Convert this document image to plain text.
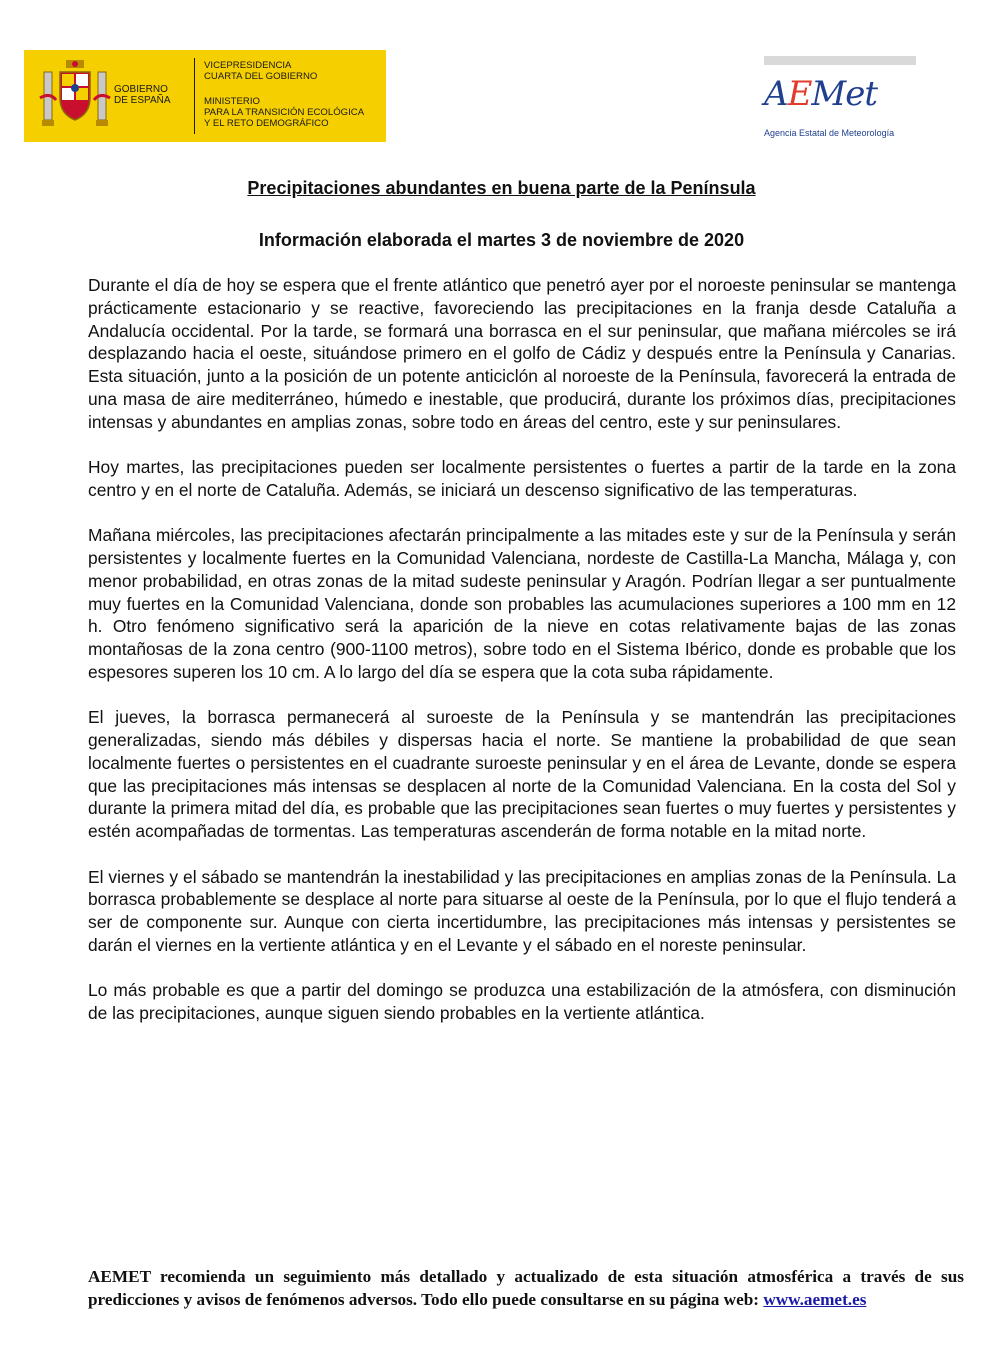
GOBIERNO
DE ESPAÑA
VICEPRESIDENCIA
CUARTA DEL GOBIERNO
MINISTERIO
PARA LA TRANSICIÓN ECOLÓGICA
Y EL RETO DEMOGRÁFICO
AEMet
Agencia Estatal de Meteorología
Precipitaciones abundantes en buena parte de la Península
Información elaborada el martes 3 de noviembre de 2020

Durante el día de hoy se espera que el frente atlántico que penetró ayer por el noroeste peninsular se mantenga prácticamente estacionario y se reactive, favoreciendo las precipitaciones en la franja desde Cataluña a Andalucía occidental. Por la tarde, se formará una borrasca en el sur peninsular, que mañana miércoles se irá desplazando hacia el oeste, situándose primero en el golfo de Cádiz y después entre la Península y Canarias. Esta situación, junto a la posición de un potente anticiclón al noroeste de la Península, favorecerá la entrada de una masa de aire mediterráneo, húmedo e inestable, que producirá, durante los próximos días, precipitaciones intensas y abundantes en amplias zonas, sobre todo en áreas del centro, este y sur peninsulares.

Hoy martes, las precipitaciones pueden ser localmente persistentes o fuertes a partir de la tarde en la zona centro y en el norte de Cataluña. Además, se iniciará un descenso significativo de las temperaturas.

Mañana miércoles, las precipitaciones afectarán principalmente a las mitades este y sur de la Península y serán persistentes y localmente fuertes en la Comunidad Valenciana, nordeste de Castilla-La Mancha, Málaga y, con menor probabilidad, en otras zonas de la mitad sudeste peninsular y Aragón. Podrían llegar a ser puntualmente muy fuertes en la Comunidad Valenciana, donde son probables las acumulaciones superiores a 100 mm en 12 h. Otro fenómeno significativo será la aparición de la nieve en cotas relativamente bajas de las zonas montañosas de la zona centro (900-1100 metros), sobre todo en el Sistema Ibérico, donde es probable que los espesores superen los 10 cm. A lo largo del día se espera que la cota suba rápidamente.

El jueves, la borrasca permanecerá al suroeste de la Península y se mantendrán las precipitaciones generalizadas, siendo más débiles y dispersas hacia el norte. Se mantiene la probabilidad de que sean localmente fuertes o persistentes en el cuadrante suroeste peninsular y en el área de Levante, donde se espera que las precipitaciones más intensas se desplacen al norte de la Comunidad Valenciana. En la costa del Sol y durante la primera mitad del día, es probable que las precipitaciones sean fuertes o muy fuertes y persistentes y estén acompañadas de tormentas. Las temperaturas ascenderán de forma notable en la mitad norte.

El viernes y el sábado se mantendrán la inestabilidad y las precipitaciones en amplias zonas de la Península. La borrasca probablemente se desplace al norte para situarse al oeste de la Península, por lo que el flujo tenderá a ser de componente sur. Aunque con cierta incertidumbre, las precipitaciones más intensas y persistentes se darán el viernes en la vertiente atlántica y en el Levante y el sábado en el noreste peninsular.

Lo más probable es que a partir del domingo se produzca una estabilización de la atmósfera, con disminución de las precipitaciones, aunque siguen siendo probables en la vertiente atlántica.

AEMET recomienda un seguimiento más detallado y actualizado de esta situación atmosférica a través de sus predicciones y avisos de fenómenos adversos. Todo ello puede consultarse en su página web: www.aemet.es
